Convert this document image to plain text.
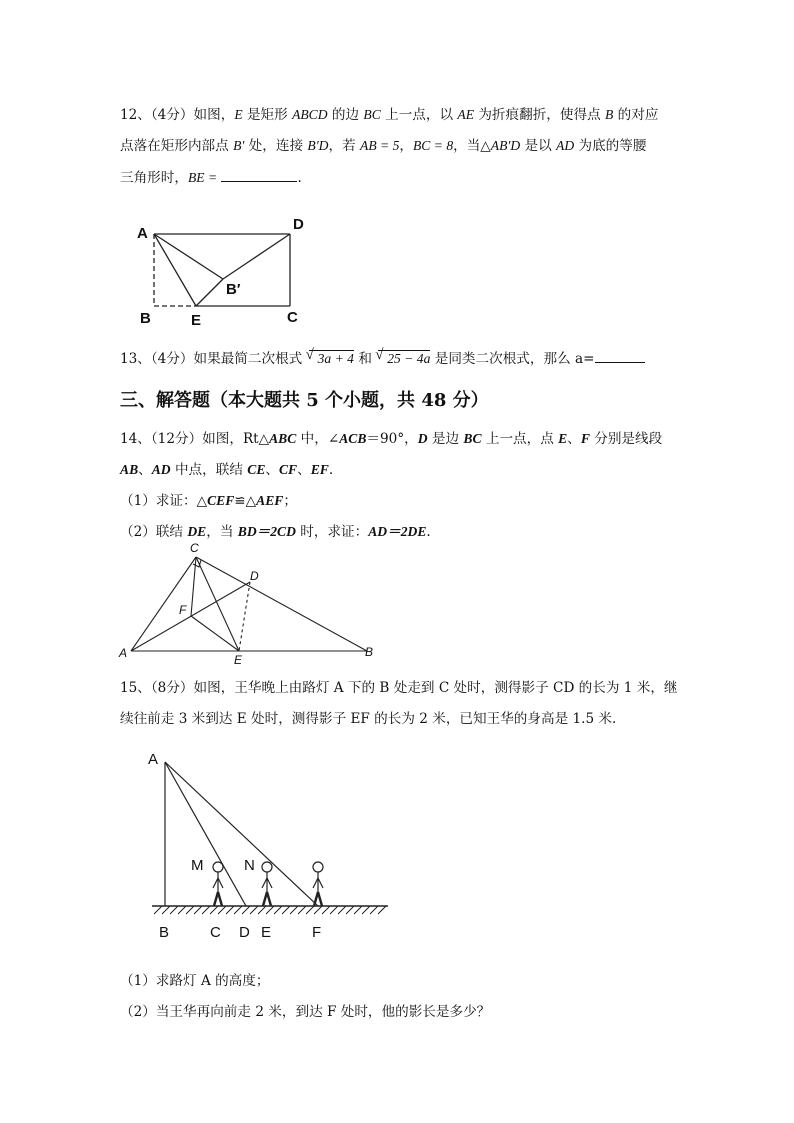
12、（4分）如图，E 是矩形 ABCD 的边 BC 上一点，以 AE 为折痕翻折，使得点 B 的对应
点落在矩形内部点 B′ 处，连接 B′D，若 AB = 5，BC = 8，当△AB′D 是以 AD 为底的等腰
三角形时，BE =	.
A
D
B	E	C
B′
13、（4分）如果最简二次根式 √ 3a + 4 和 √ 25 − 4a 是同类二次根式，那么 a=
三、解答题（本大题共 5 个小题，共 48 分）
14、（12分）如图，Rt△ABC 中，∠ACB＝90°，D 是边 BC 上一点，点 E、F 分别是线段
AB、AD 中点，联结 CE、CF、EF.
（1）求证：△CEF≌△AEF；
（2）联结 DE，当 BD＝2CD 时，求证：AD＝2DE.
A	B
C
D
E
F
15、（8分）如图，王华晚上由路灯 A 下的 B 处走到 C 处时，测得影子 CD 的长为 1 米，继
续往前走 3 米到达 E 处时，测得影子 EF 的长为 2 米，已知王华的身高是 1.5 米.
A
M	N
B	C D E	F
（1）求路灯 A 的高度；
（2）当王华再向前走 2 米，到达 F 处时，他的影长是多少？
